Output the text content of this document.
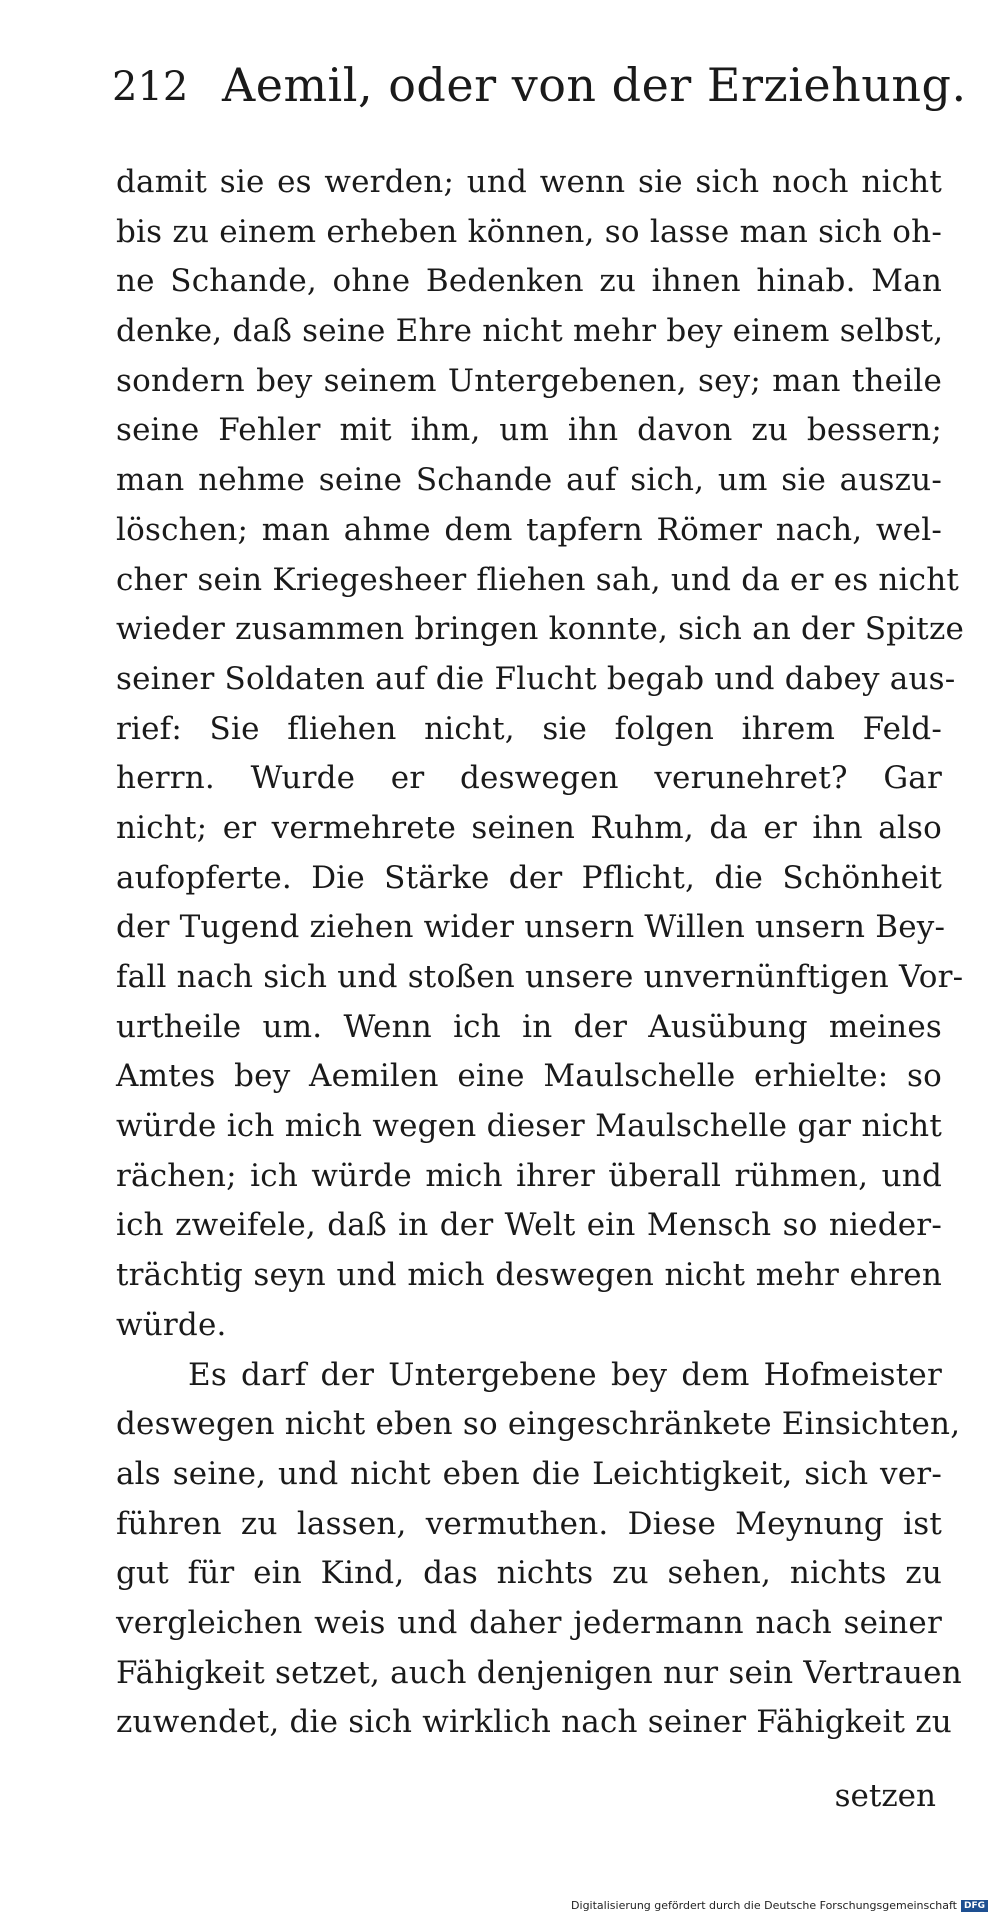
212 Aemil, oder von der Erziehung.
damit sie es werden; und wenn sie sich noch nicht
bis zu einem erheben können, so lasse man sich oh-
ne Schande, ohne Bedenken zu ihnen hinab. Man
denke, daß seine Ehre nicht mehr bey einem selbst,
sondern bey seinem Untergebenen, sey; man theile
seine Fehler mit ihm, um ihn davon zu bessern;
man nehme seine Schande auf sich, um sie auszu-
löschen; man ahme dem tapfern Römer nach, wel-
cher sein Kriegesheer fliehen sah, und da er es nicht
wieder zusammen bringen konnte, sich an der Spitze
seiner Soldaten auf die Flucht begab und dabey aus-
rief: Sie fliehen nicht, sie folgen ihrem Feld-
herrn. Wurde er deswegen verunehret? Gar
nicht; er vermehrete seinen Ruhm, da er ihn also
aufopferte. Die Stärke der Pflicht, die Schönheit
der Tugend ziehen wider unsern Willen unsern Bey-
fall nach sich und stoßen unsere unvernünftigen Vor-
urtheile um. Wenn ich in der Ausübung meines
Amtes bey Aemilen eine Maulschelle erhielte: so
würde ich mich wegen dieser Maulschelle gar nicht
rächen; ich würde mich ihrer überall rühmen, und
ich zweifele, daß in der Welt ein Mensch so nieder-
trächtig seyn und mich deswegen nicht mehr ehren
würde.
Es darf der Untergebene bey dem Hofmeister
deswegen nicht eben so eingeschränkete Einsichten,
als seine, und nicht eben die Leichtigkeit, sich ver-
führen zu lassen, vermuthen. Diese Meynung ist
gut für ein Kind, das nichts zu sehen, nichts zu
vergleichen weis und daher jedermann nach seiner
Fähigkeit setzet, auch denjenigen nur sein Vertrauen
zuwendet, die sich wirklich nach seiner Fähigkeit zu
setzen
Digitalisierung gefördert durch die Deutsche Forschungsgemeinschaft DFG
